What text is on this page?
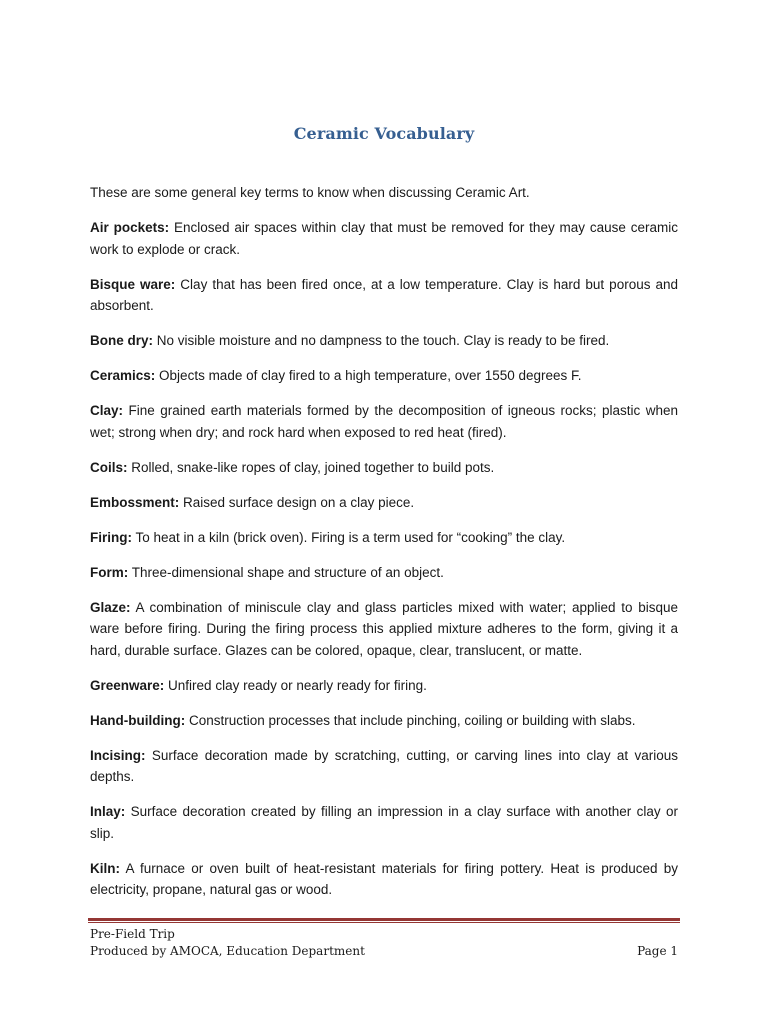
Ceramic Vocabulary

These are some general key terms to know when discussing Ceramic Art.

Air pockets: Enclosed air spaces within clay that must be removed for they may cause ceramic work to explode or crack.

Bisque ware: Clay that has been fired once, at a low temperature. Clay is hard but porous and absorbent.

Bone dry: No visible moisture and no dampness to the touch. Clay is ready to be fired.

Ceramics: Objects made of clay fired to a high temperature, over 1550 degrees F.

Clay: Fine grained earth materials formed by the decomposition of igneous rocks; plastic when wet; strong when dry; and rock hard when exposed to red heat (fired).

Coils: Rolled, snake-like ropes of clay, joined together to build pots.

Embossment: Raised surface design on a clay piece.

Firing: To heat in a kiln (brick oven). Firing is a term used for “cooking” the clay.

Form: Three-dimensional shape and structure of an object.

Glaze: A combination of miniscule clay and glass particles mixed with water; applied to bisque ware before firing. During the firing process this applied mixture adheres to the form, giving it a hard, durable surface. Glazes can be colored, opaque, clear, translucent, or matte.

Greenware: Unfired clay ready or nearly ready for firing.

Hand-building: Construction processes that include pinching, coiling or building with slabs.

Incising: Surface decoration made by scratching, cutting, or carving lines into clay at various depths.

Inlay: Surface decoration created by filling an impression in a clay surface with another clay or slip.

Kiln: A furnace or oven built of heat-resistant materials for firing pottery. Heat is produced by electricity, propane, natural gas or wood.

Pre-Field Trip
Produced by AMOCA, Education Department	Page 1
